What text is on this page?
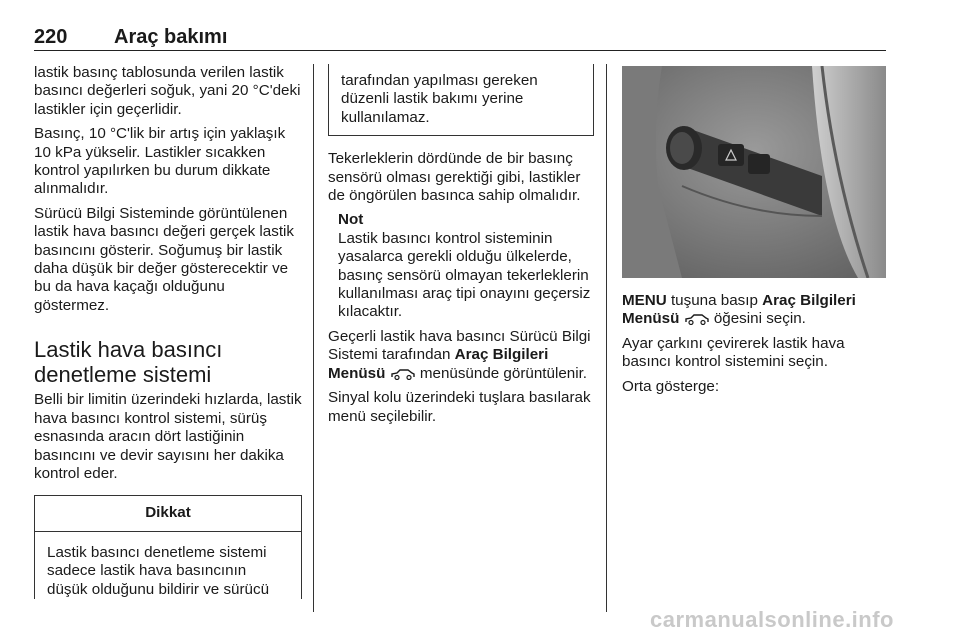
220 Araç bakımı

lastik basınç tablosunda verilen lastik basıncı değerleri soğuk, yani 20 °C'deki lastikler için geçerlidir.

Basınç, 10 °C'lik bir artış için yaklaşık 10 kPa yükselir. Lastikler sıcakken kontrol yapılırken bu durum dikkate alınmalıdır.

Sürücü Bilgi Sisteminde görüntülenen lastik hava basıncı değeri gerçek lastik basıncını gösterir. Soğumuş bir lastik daha düşük bir değer gösterecektir ve bu da hava kaçağı olduğunu göstermez.

Lastik hava basıncı denetleme sistemi

Belli bir limitin üzerindeki hızlarda, lastik hava basıncı kontrol sistemi, sürüş esnasında aracın dört lastiğinin basıncını ve devir sayısını her dakika kontrol eder.

Dikkat
Lastik basıncı denetleme sistemi sadece lastik hava basıncının düşük olduğunu bildirir ve sürücü
tarafından yapılması gereken düzenli lastik bakımı yerine kullanılamaz.

Tekerleklerin dördünde de bir basınç sensörü olması gerektiği gibi, lastikler de öngörülen basınca sahip olmalıdır.

Not
Lastik basıncı kontrol sisteminin yasalarca gerekli olduğu ülkelerde, basınç sensörü olmayan tekerleklerin kullanılması araç tipi onayını geçersiz kılacaktır.

Geçerli lastik hava basıncı Sürücü Bilgi Sistemi tarafından Araç Bilgileri Menüsü  menüsünde görüntülenir.

Sinyal kolu üzerindeki tuşlara basılarak menü seçilebilir.

MENU tuşuna basıp Araç Bilgileri Menüsü  öğesini seçin.

Ayar çarkını çevirerek lastik hava basıncı kontrol sistemini seçin.

Orta gösterge:

carmanualsonline.info
